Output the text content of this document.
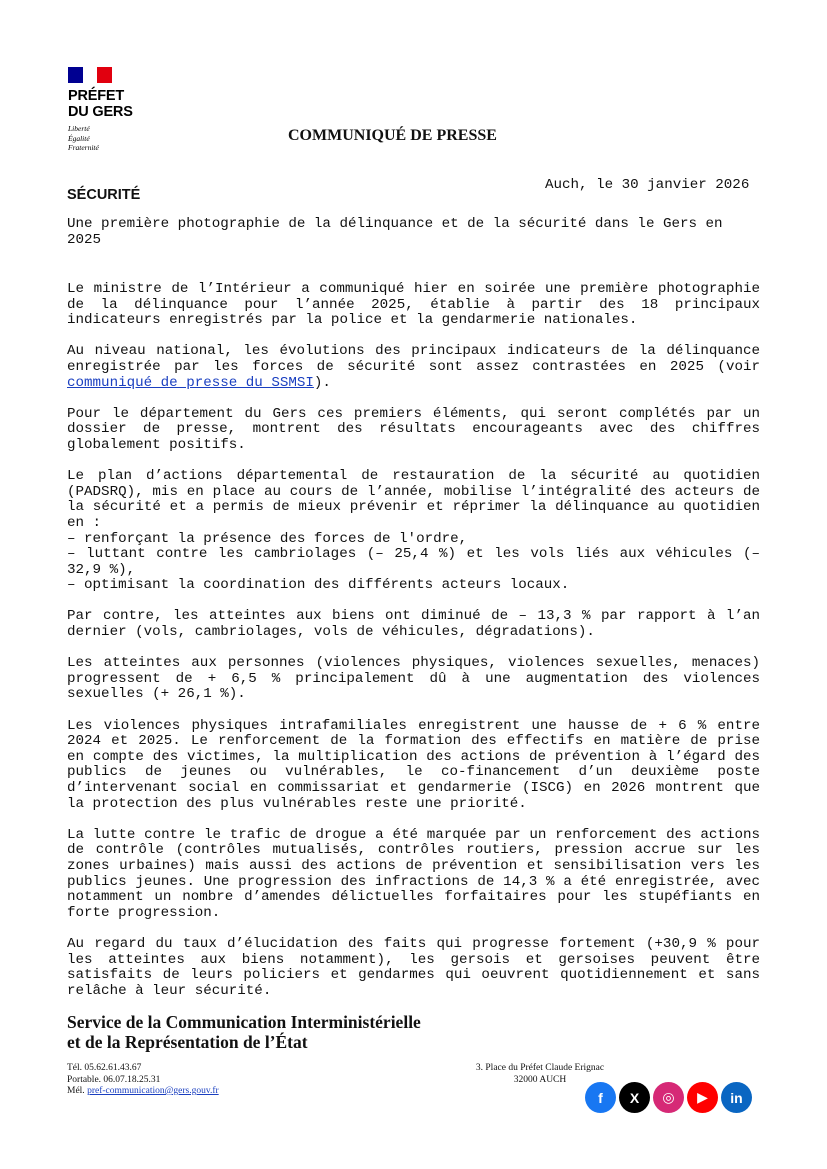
PRÉFET
DU GERS
Liberté
Égalité
Fraternité
COMMUNIQUÉ DE PRESSE
SÉCURITÉ
Auch, le 30 janvier 2026
Une première photographie de la délinquance et de la sécurité dans le Gers en 2025

Le ministre de l’Intérieur a communiqué hier en soirée une première photographie de la délinquance pour l’année 2025, établie à partir des 18 principaux indicateurs enregistrés par la police et la gendarmerie nationales.

Au niveau national, les évolutions des principaux indicateurs de la délinquance enregistrée par les forces de sécurité sont assez contrastées en 2025 (voir communiqué de presse du SSMSI).

Pour le département du Gers ces premiers éléments, qui seront complétés par un dossier de presse, montrent des résultats encourageants avec des chiffres globalement positifs.

Le plan d’actions départemental de restauration de la sécurité au quotidien (PADSRQ), mis en place au cours de l’année, mobilise l’intégralité des acteurs de la sécurité et a permis de mieux prévenir et réprimer la délinquance au quotidien en :
– renforçant la présence des forces de l'ordre,
– luttant contre les cambriolages (– 25,4 %) et les vols liés aux véhicules (– 32,9 %),
– optimisant la coordination des différents acteurs locaux.

Par contre, les atteintes aux biens ont diminué de – 13,3 % par rapport à l’an dernier (vols, cambriolages, vols de véhicules, dégradations).

Les atteintes aux personnes (violences physiques, violences sexuelles, menaces) progressent de + 6,5 % principalement dû à une augmentation des violences sexuelles (+ 26,1 %).

Les violences physiques intrafamiliales enregistrent une hausse de + 6 % entre 2024 et 2025. Le renforcement de la formation des effectifs en matière de prise en compte des victimes, la multiplication des actions de prévention à l’égard des publics de jeunes ou vulnérables, le co-financement d’un deuxième poste d’intervenant social en commissariat et gendarmerie (ISCG) en 2026 montrent que la protection des plus vulnérables reste une priorité.

La lutte contre le trafic de drogue a été marquée par un renforcement des actions de contrôle (contrôles mutualisés, contrôles routiers, pression accrue sur les zones urbaines) mais aussi des actions de prévention et sensibilisation vers les publics jeunes. Une progression des infractions de 14,3 % a été enregistrée, avec notamment un nombre d’amendes délictuelles forfaitaires pour les stupéfiants en forte progression.

Au regard du taux d’élucidation des faits qui progresse fortement (+30,9 % pour les atteintes aux biens notamment), les gersois et gersoises peuvent être satisfaits de leurs policiers et gendarmes qui oeuvrent quotidiennement et sans relâche à leur sécurité.

Service de la Communication Interministérielle
et de la Représentation de l’État
Tél. 05.62.61.43.67
Portable. 06.07.18.25.31
Mél. pref-communication@gers.gouv.fr
3. Place du Préfet Claude Erignac
32000 AUCH
f	X	◎	▶	in
